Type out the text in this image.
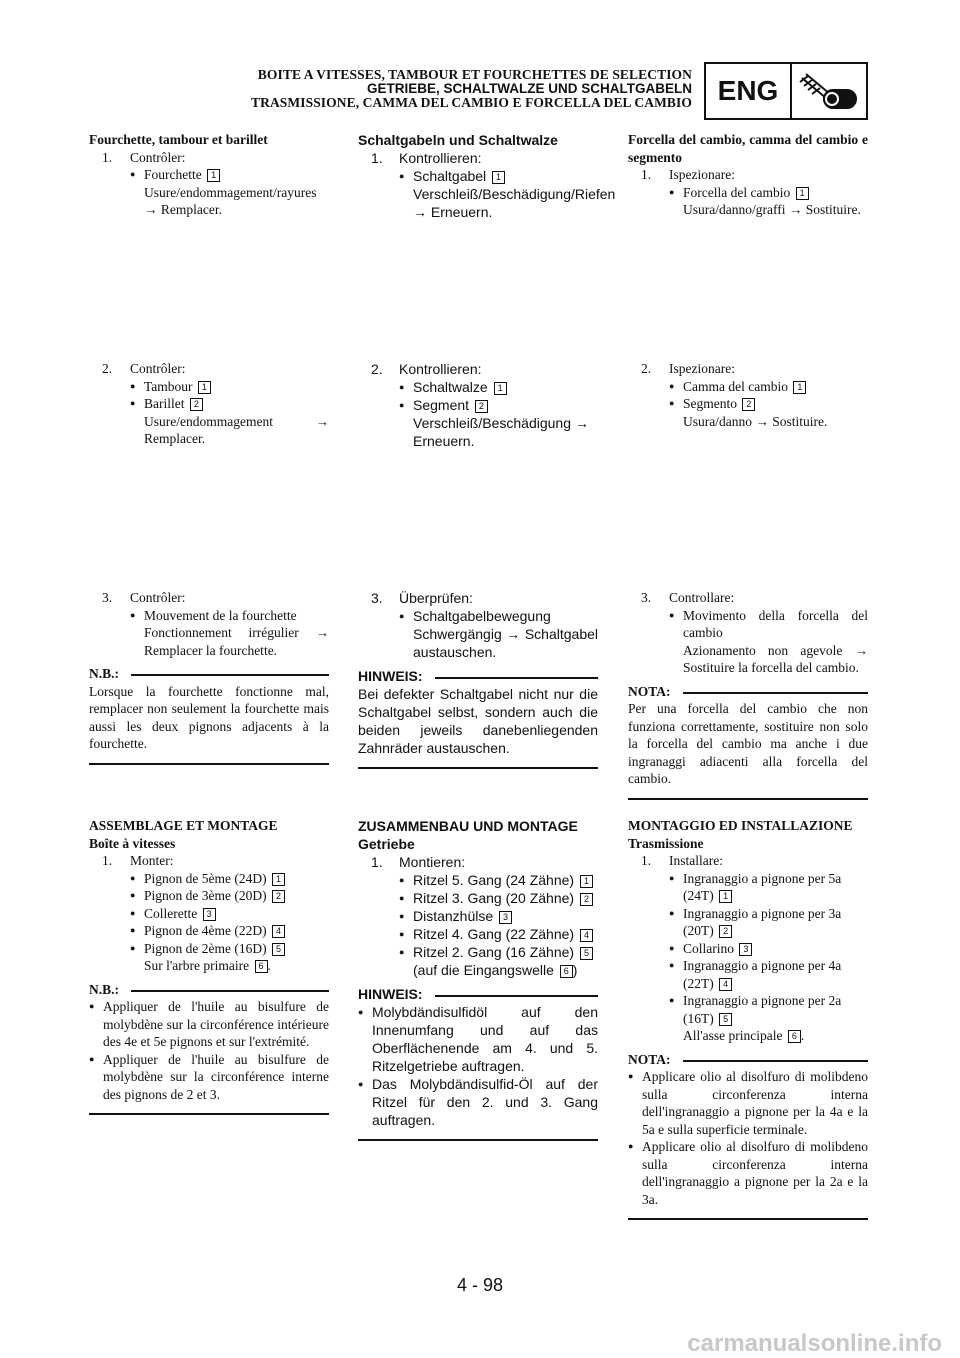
BOITE A VITESSES, TAMBOUR ET FOURCHETTES DE SELECTION
GETRIEBE, SCHALTWALZE UND SCHALTGABELN
TRASMISSIONE, CAMMA DEL CAMBIO E FORCELLA DEL CAMBIO ENG
Fourchette, tambour et barillet
1. Contrôler:
● Fourchette 1
Usure/endommagement/rayures → Remplacer.
2. Contrôler:
● Tambour 1
● Barillet 2
Usure/endommagement → Remplacer.
3. Contrôler:
● Mouvement de la fourchette
Fonctionnement irrégulier → Remplacer la fourchette.
N.B.:
Lorsque la fourchette fonctionne mal, remplacer non seulement la fourchette mais aussi les deux pignons adjacents à la fourchette.
ASSEMBLAGE ET MONTAGE
Boîte à vitesses
1. Monter:
● Pignon de 5ème (24D) 1
● Pignon de 3ème (20D) 2
● Collerette 3
● Pignon de 4ème (22D) 4
● Pignon de 2ème (16D) 5
Sur l'arbre primaire 6 .
N.B.:
● Appliquer de l'huile au bisulfure de molybdène sur la circonférence intérieure des 4e et 5e pignons et sur l'extrémité.
● Appliquer de l'huile au bisulfure de molybdène sur la circonférence interne des pignons de 2 et 3.
Schaltgabeln und Schaltwalze
1. Kontrollieren:
● Schaltgabel 1
Verschleiß/Beschädigung/Riefen → Erneuern.
2. Kontrollieren:
● Schaltwalze 1
● Segment 2
Verschleiß/Beschädigung → Erneuern.
3. Überprüfen:
● Schaltgabelbewegung
Schwergängig → Schaltgabel austauschen.
HINWEIS:
Bei defekter Schaltgabel nicht nur die Schaltgabel selbst, sondern auch die beiden jeweils danebenliegenden Zahnräder austauschen.
ZUSAMMENBAU UND MONTAGE
Getriebe
1. Montieren:
● Ritzel 5. Gang (24 Zähne) 1
● Ritzel 3. Gang (20 Zähne) 2
● Distanzhülse 3
● Ritzel 4. Gang (22 Zähne) 4
● Ritzel 2. Gang (16 Zähne) 5
(auf die Eingangswelle 6 )
HINWEIS:
● Molybdändisulfidöl auf den Innenumfang und auf das Oberflächenende am 4. und 5. Ritzelgetriebe auftragen.
● Das Molybdändisulfid-Öl auf der Ritzel für den 2. und 3. Gang auftragen.
Forcella del cambio, camma del cambio e segmento
1. Ispezionare:
● Forcella del cambio 1
Usura/danno/graffi → Sostituire.
2. Ispezionare:
● Camma del cambio 1
● Segmento 2
Usura/danno → Sostituire.
3. Controllare:
● Movimento della forcella del cambio
Azionamento non agevole → Sostituire la forcella del cambio.
NOTA:
Per una forcella del cambio che non funziona correttamente, sostituire non solo la forcella del cambio ma anche i due ingranaggi adiacenti alla forcella del cambio.
MONTAGGIO ED INSTALLAZIONE
Trasmissione
1. Installare:
● Ingranaggio a pignone per 5a (24T) 1
● Ingranaggio a pignone per 3a (20T) 2
● Collarino 3
● Ingranaggio a pignone per 4a (22T) 4
● Ingranaggio a pignone per 2a (16T) 5
All'asse principale 6 .
NOTA:
● Applicare olio al disolfuro di molibdeno sulla circonferenza interna dell'ingranaggio a pignone per la 4a e la 5a e sulla superficie terminale.
● Applicare olio al disolfuro di molibdeno sulla circonferenza interna dell'ingranaggio a pignone per la 2a e la 3a.
4 - 98
carmanualsonline.info
